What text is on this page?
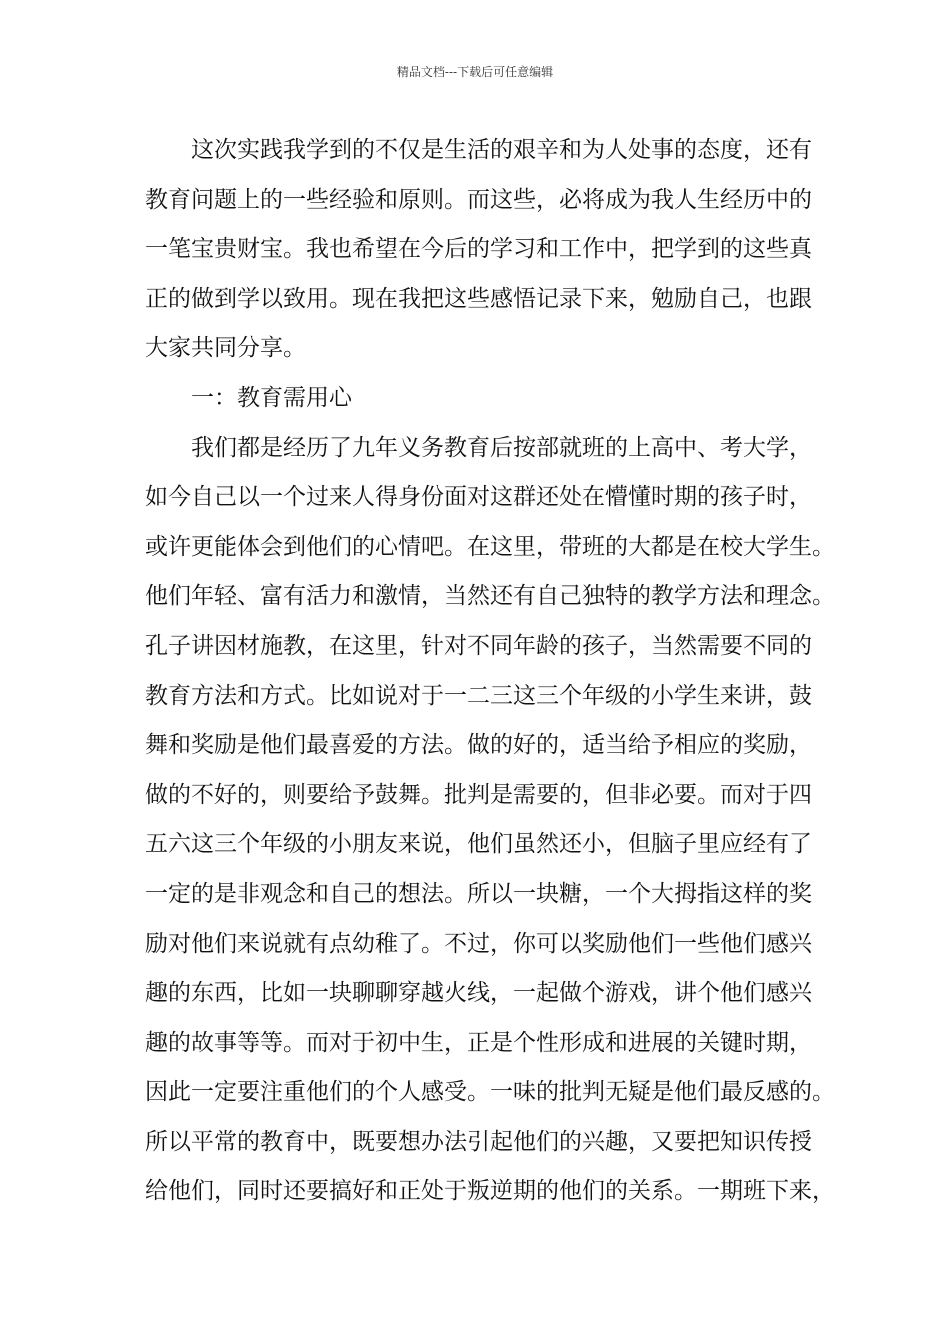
精品文档---下载后可任意编辑
这次实践我学到的不仅是生活的艰辛和为人处事的态度，还有
教育问题上的一些经验和原则。而这些，必将成为我人生经历中的
一笔宝贵财宝。我也希望在今后的学习和工作中，把学到的这些真
正的做到学以致用。现在我把这些感悟记录下来，勉励自己，也跟
大家共同分享。
一：教育需用心
我们都是经历了九年义务教育后按部就班的上高中、考大学，
如今自己以一个过来人得身份面对这群还处在懵懂时期的孩子时，
或许更能体会到他们的心情吧。在这里，带班的大都是在校大学生。
他们年轻、富有活力和激情，当然还有自己独特的教学方法和理念。
孔子讲因材施教，在这里，针对不同年龄的孩子，当然需要不同的
教育方法和方式。比如说对于一二三这三个年级的小学生来讲，鼓
舞和奖励是他们最喜爱的方法。做的好的，适当给予相应的奖励，
做的不好的，则要给予鼓舞。批判是需要的，但非必要。而对于四
五六这三个年级的小朋友来说，他们虽然还小，但脑子里应经有了
一定的是非观念和自己的想法。所以一块糖，一个大拇指这样的奖
励对他们来说就有点幼稚了。不过，你可以奖励他们一些他们感兴
趣的东西，比如一块聊聊穿越火线，一起做个游戏，讲个他们感兴
趣的故事等等。而对于初中生，正是个性形成和进展的关键时期，
因此一定要注重他们的个人感受。一味的批判无疑是他们最反感的。
所以平常的教育中，既要想办法引起他们的兴趣，又要把知识传授
给他们，同时还要搞好和正处于叛逆期的他们的关系。一期班下来，
